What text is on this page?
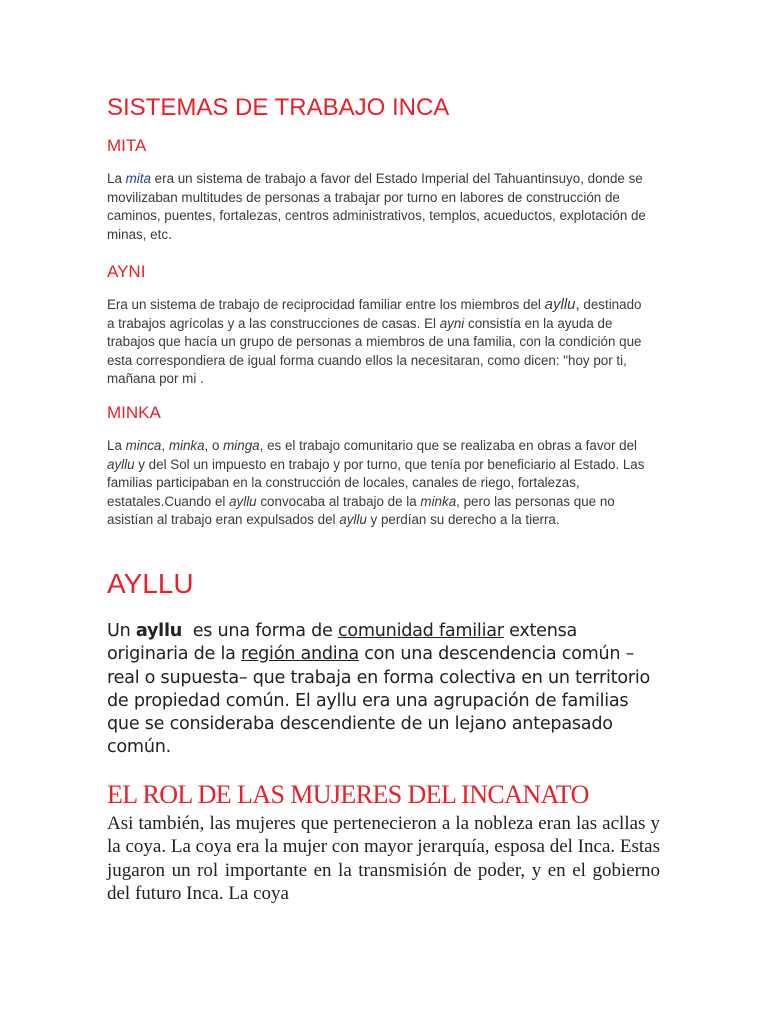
SISTEMAS DE TRABAJO INCA
MITA

La mita era un sistema de trabajo a favor del Estado Imperial del Tahuantinsuyo, donde se movilizaban multitudes de personas a trabajar por turno en labores de construcción de caminos, puentes, fortalezas, centros administrativos, templos, acueductos, explotación de minas, etc.

AYNI

Era un sistema de trabajo de reciprocidad familiar entre los miembros del ayllu, destinado a trabajos agrícolas y a las construcciones de casas. El ayni consistía en la ayuda de trabajos que hacía un grupo de personas a miembros de una familia, con la condición que esta correspondiera de igual forma cuando ellos la necesitaran, como dicen: "hoy por ti, mañana por mi .

MINKA

La minca, minka, o minga, es el trabajo comunitario que se realizaba en obras a favor del ayllu y del Sol un impuesto en trabajo y por turno, que tenía por beneficiario al Estado. Las familias participaban en la construcción de locales, canales de riego, fortalezas, estatales.Cuando el ayllu convocaba al trabajo de la minka, pero las personas que no asistían al trabajo eran expulsados del ayllu y perdían su derecho a la tierra.

AYLLU

Un ayllu  es una forma de comunidad familiar extensa originaria de la región andina con una descendencia común – real o supuesta– que trabaja en forma colectiva en un territorio de propiedad común. El ayllu era una agrupación de familias que se consideraba descendiente de un lejano antepasado común.

EL ROL DE LAS MUJERES DEL INCANATO

Asi también, las mujeres que pertenecieron a la nobleza eran las acllas y la coya. La coya era la mujer con mayor jerarquía, esposa del Inca. Estas jugaron un rol importante en la transmisión de poder, y en el gobierno del futuro Inca. La coya
